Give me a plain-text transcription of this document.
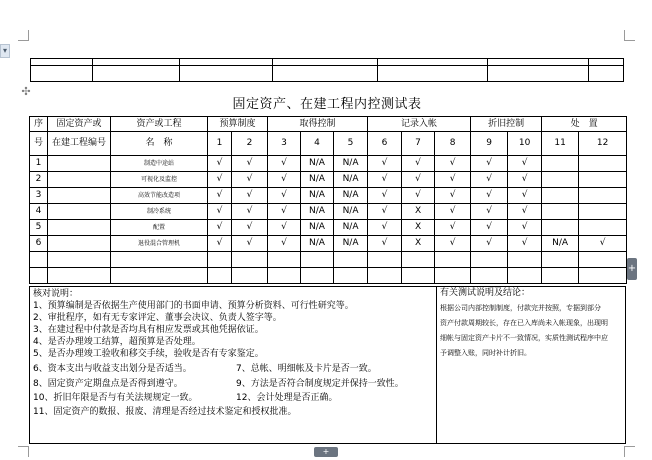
▾
+
+
✣
固定资产、在建工程内控测试表
序	固定资产或	资产或工程	预算制度		取得控制			记录入帐			折旧控制		处　置	
号	在建工程编号	名　称	1	2	3	4	5	6	7	8	9	10	11	12	
1		制造中途站	√	√	√	N/A	N/A	√	√	√	√	√			
2		可视化及监控	√	√	√	N/A	N/A	√	√	√	√	√			
3		高效节能改造项	√	√	√	N/A	N/A	√	√	√	√	√			
4		制冷系统	√	√	√	N/A	N/A	√	X	√	√	√			
5		配置	√	√	√	N/A	N/A	√	X	√	√	√			
6		退役混合管理机	√	√	√	N/A	N/A	√	X	√	√	√	N/A	√	

核对说明：
1、预算编制是否依据生产使用部门的书面申请、预算分析资料、可行性研究等。
2、审批程序，如有无专家评定、董事会决议、负责人签字等。
3、在建过程中付款是否均具有相应发票或其他凭据依证。
4、是否办理竣工结算，超预算是否处理。
5、是否办理竣工验收和移交手续，验收是否有专家鉴定。
6、资本支出与收益支出划分是否适当。	7、总帐、明细帐及卡片是否一致。
8、固定资产定期盘点是否得到遵守。	9、方法是否符合制度规定并保持一致性。
10、折旧年限是否与有关法规规定一致。	12、会计处理是否正确。
11、固定资产的数报、报废、清理是否经过技术鉴定和授权批准。
有关测试说明及结论：
根据公司内部控制制度，付款完并按照，专据到部分
资产付款周期较长，存在已入库尚未入帐现象，出现明
细帐与固定资产卡片不一致情况，实质性测试程序中应
予调整入账，同时补计折旧。
